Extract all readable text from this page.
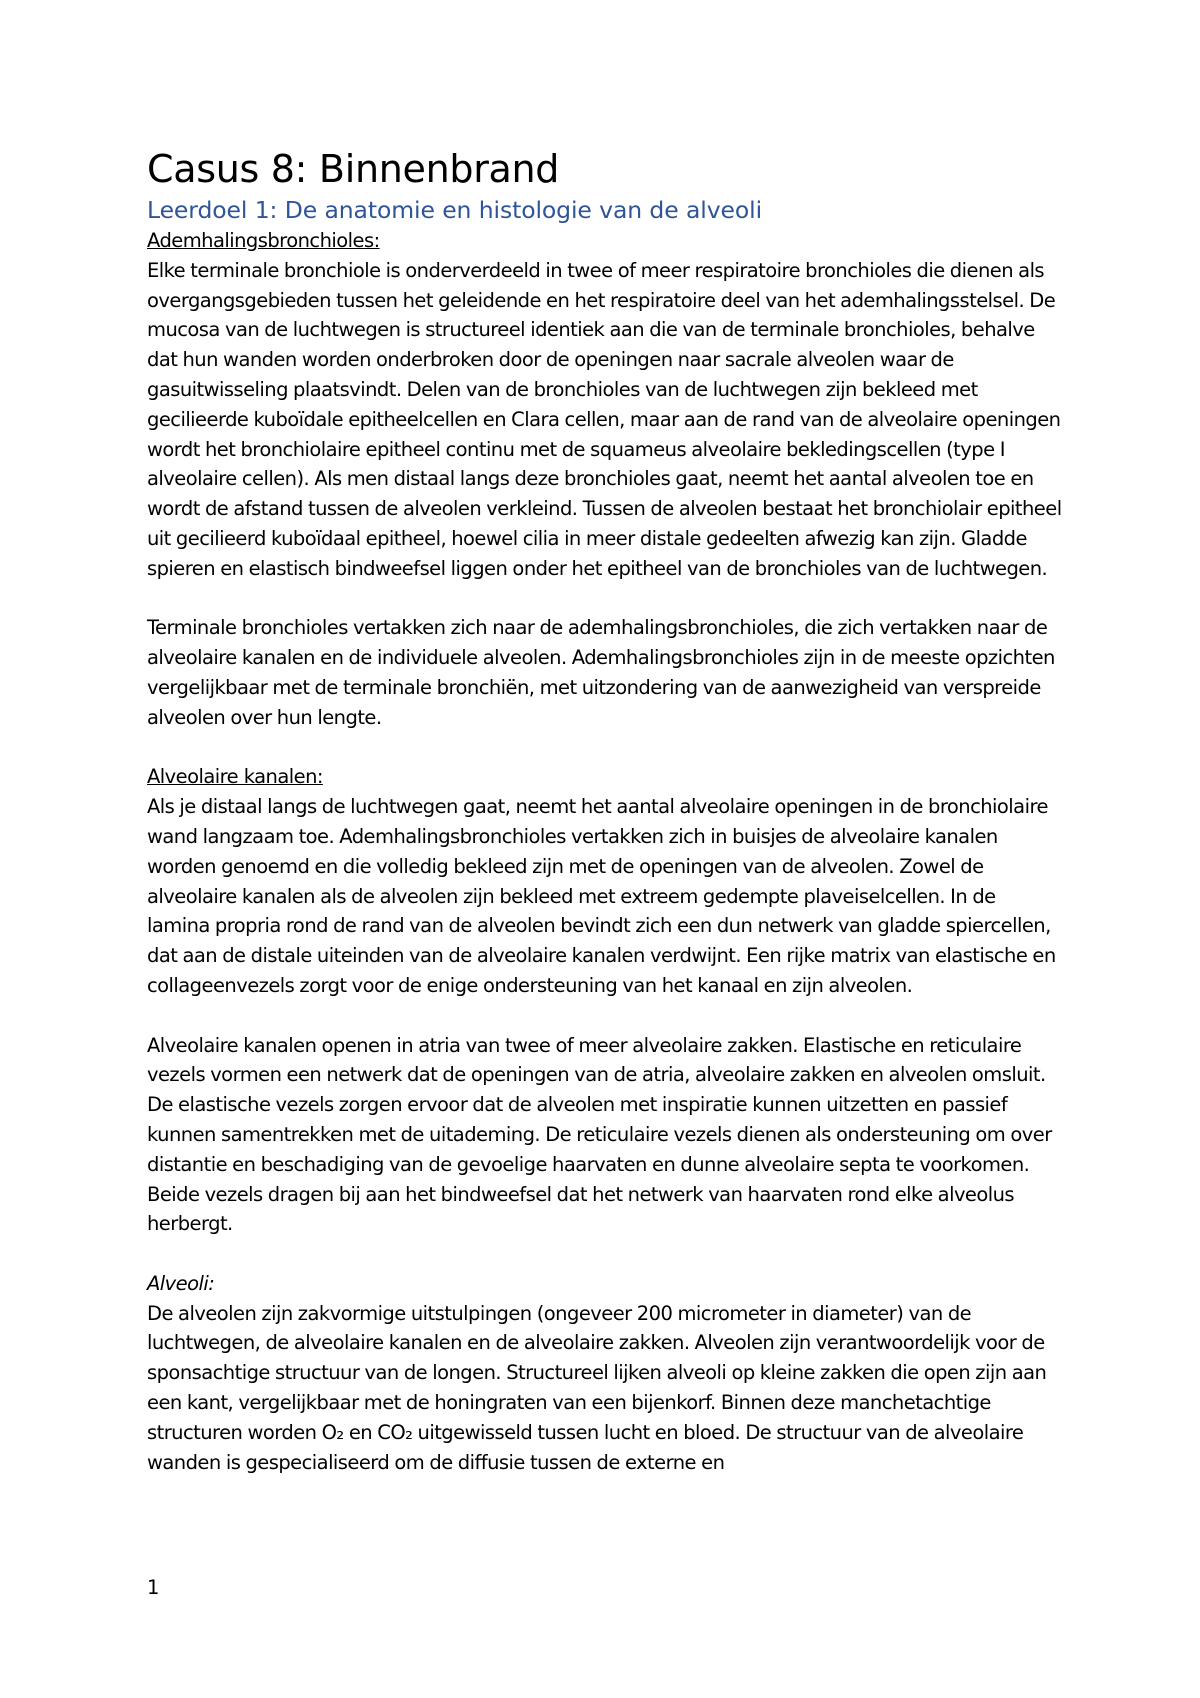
Casus 8: Binnenbrand
Leerdoel 1: De anatomie en histologie van de alveoli

Ademhalingsbronchioles:

Elke terminale bronchiole is onderverdeeld in twee of meer respiratoire bronchioles die dienen als overgangsgebieden tussen het geleidende en het respiratoire deel van het ademhalingsstelsel. De mucosa van de luchtwegen is structureel identiek aan die van de terminale bronchioles, behalve dat hun wanden worden onderbroken door de openingen naar sacrale alveolen waar de gasuitwisseling plaatsvindt. Delen van de bronchioles van de luchtwegen zijn bekleed met gecilieerde kuboïdale epitheelcellen en Clara cellen, maar aan de rand van de alveolaire openingen wordt het bronchiolaire epitheel continu met de squameus alveolaire bekledingscellen (type I alveolaire cellen). Als men distaal langs deze bronchioles gaat, neemt het aantal alveolen toe en wordt de afstand tussen de alveolen verkleind. Tussen de alveolen bestaat het bronchiolair epitheel uit gecilieerd kuboïdaal epitheel, hoewel cilia in meer distale gedeelten afwezig kan zijn. Gladde spieren en elastisch bindweefsel liggen onder het epitheel van de bronchioles van de luchtwegen.

Terminale bronchioles vertakken zich naar de ademhalingsbronchioles, die zich vertakken naar de alveolaire kanalen en de individuele alveolen. Ademhalingsbronchioles zijn in de meeste opzichten vergelijkbaar met de terminale bronchiën, met uitzondering van de aanwezigheid van verspreide alveolen over hun lengte.

Alveolaire kanalen:

Als je distaal langs de luchtwegen gaat, neemt het aantal alveolaire openingen in de bronchiolaire wand langzaam toe. Ademhalingsbronchioles vertakken zich in buisjes de alveolaire kanalen worden genoemd en die volledig bekleed zijn met de openingen van de alveolen. Zowel de alveolaire kanalen als de alveolen zijn bekleed met extreem gedempte plaveiselcellen. In de lamina propria rond de rand van de alveolen bevindt zich een dun netwerk van gladde spiercellen, dat aan de distale uiteinden van de alveolaire kanalen verdwijnt. Een rijke matrix van elastische en collageenvezels zorgt voor de enige ondersteuning van het kanaal en zijn alveolen.

Alveolaire kanalen openen in atria van twee of meer alveolaire zakken. Elastische en reticulaire vezels vormen een netwerk dat de openingen van de atria, alveolaire zakken en alveolen omsluit. De elastische vezels zorgen ervoor dat de alveolen met inspiratie kunnen uitzetten en passief kunnen samentrekken met de uitademing. De reticulaire vezels dienen als ondersteuning om over distantie en beschadiging van de gevoelige haarvaten en dunne alveolaire septa te voorkomen. Beide vezels dragen bij aan het bindweefsel dat het netwerk van haarvaten rond elke alveolus herbergt.

Alveoli:

De alveolen zijn zakvormige uitstulpingen (ongeveer 200 micrometer in diameter) van de luchtwegen, de alveolaire kanalen en de alveolaire zakken. Alveolen zijn verantwoordelijk voor de sponsachtige structuur van de longen. Structureel lijken alveoli op kleine zakken die open zijn aan een kant, vergelijkbaar met de honingraten van een bijenkorf. Binnen deze manchetachtige structuren worden O₂ en CO₂ uitgewisseld tussen lucht en bloed. De structuur van de alveolaire wanden is gespecialiseerd om de diffusie tussen de externe en

1
